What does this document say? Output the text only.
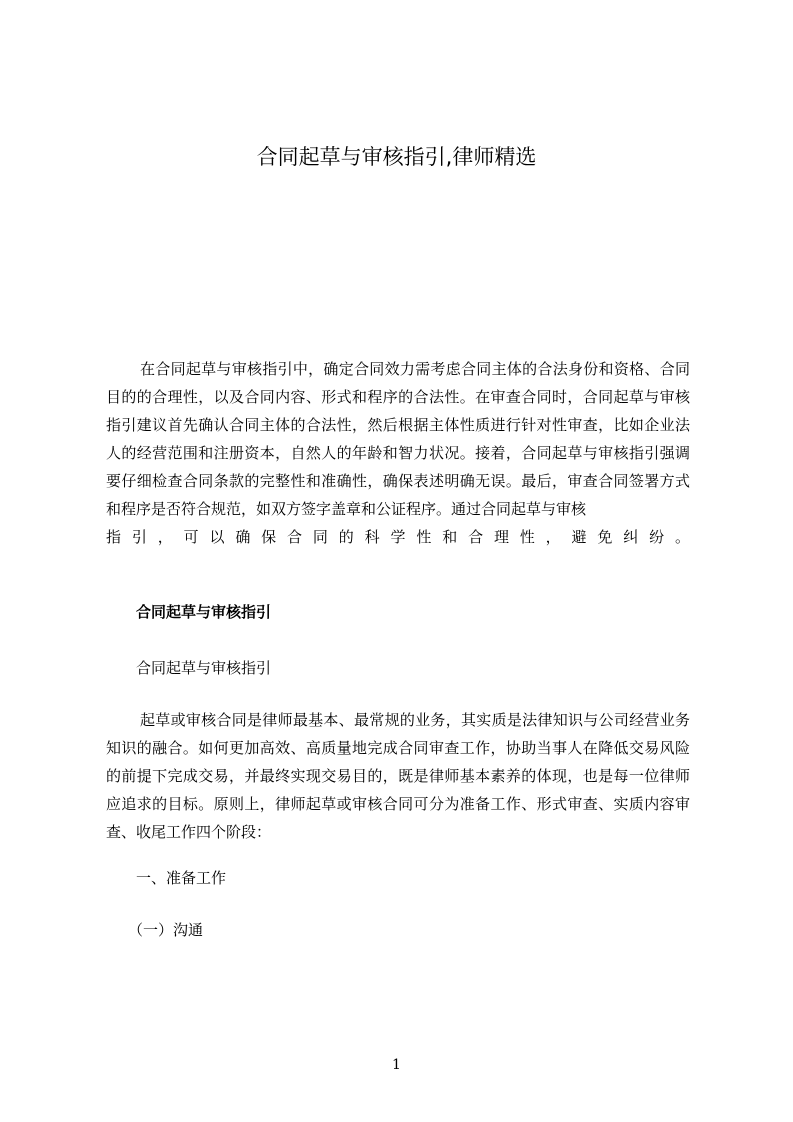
合同起草与审核指引,律师精选

在合同起草与审核指引中，确定合同效力需考虑合同主体的合法身份和资格、合同目的的合理性，以及合同内容、形式和程序的合法性。在审查合同时，合同起草与审核指引建议首先确认合同主体的合法性，然后根据主体性质进行针对性审查，比如企业法人的经营范围和注册资本，自然人的年龄和智力状况。接着，合同起草与审核指引强调要仔细检查合同条款的完整性和准确性，确保表述明确无误。最后，审查合同签署方式和程序是否符合规范，如双方签字盖章和公证程序。通过合同起草与审核

指引，可以确保合同的科学性和合理性，避免纠纷。

合同起草与审核指引

合同起草与审核指引

起草或审核合同是律师最基本、最常规的业务，其实质是法律知识与公司经营业务知识的融合。如何更加高效、高质量地完成合同审查工作，协助当事人在降低交易风险的前提下完成交易，并最终实现交易目的，既是律师基本素养的体现，也是每一位律师应追求的目标。原则上，律师起草或审核合同可分为准备工作、形式审查、实质内容审查、收尾工作四个阶段：

一、准备工作

（一）沟通

1
